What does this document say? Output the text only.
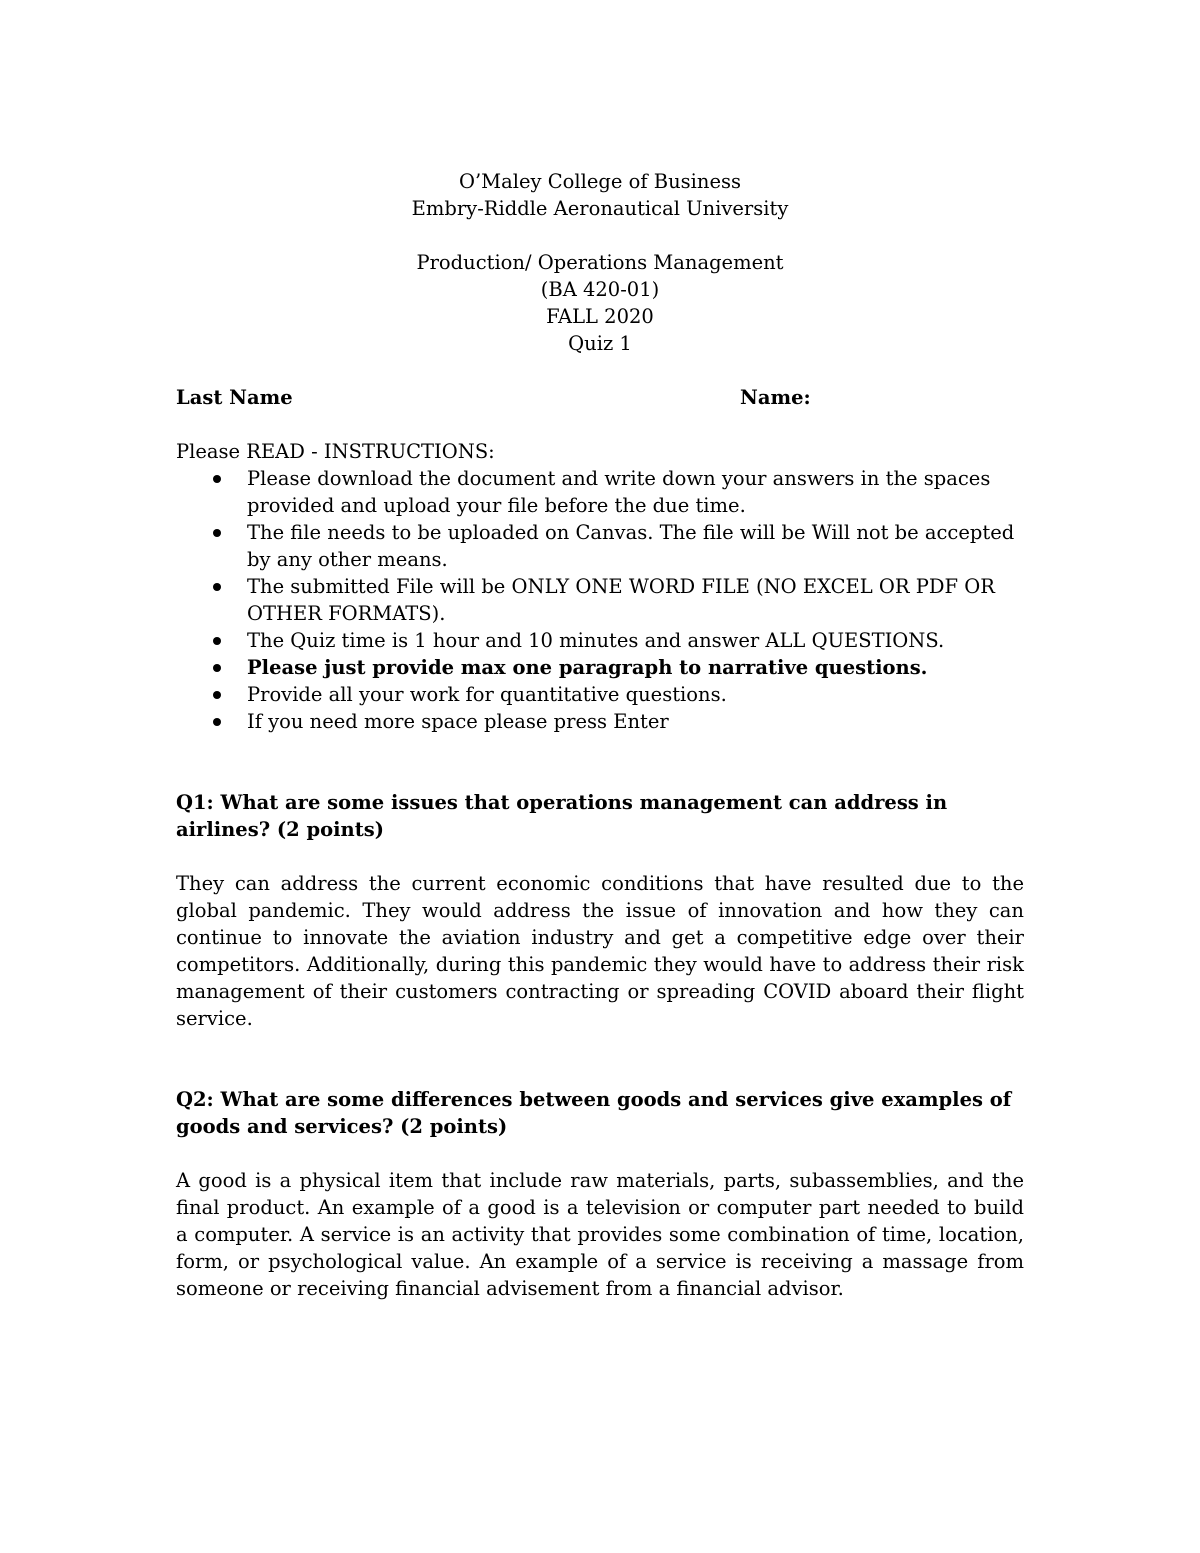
O’Maley College of Business
Embry-Riddle Aeronautical University
Production/ Operations Management
(BA 420-01)
FALL 2020
Quiz 1
Last Name	Name:
Please READ - INSTRUCTIONS:
Please download the document and write down your answers in the spaces provided and upload your file before the due time.
The file needs to be uploaded on Canvas. The file will be Will not be accepted by any other means.
The submitted File will be ONLY ONE WORD FILE (NO EXCEL OR PDF OR OTHER FORMATS).
The Quiz time is 1 hour and 10 minutes and answer ALL QUESTIONS.
Please just provide max one paragraph to narrative questions.
Provide all your work for quantitative questions.
If you need more space please press Enter
Q1: What are some issues that operations management can address in airlines? (2 points)
They can address the current economic conditions that have resulted due to the global pandemic. They would address the issue of innovation and how they can continue to innovate the aviation industry and get a competitive edge over their competitors. Additionally, during this pandemic they would have to address their risk management of their customers contracting or spreading COVID aboard their flight service.
Q2: What are some differences between goods and services give examples of goods and services? (2 points)
A good is a physical item that include raw materials, parts, subassemblies, and the final product. An example of a good is a television or computer part needed to build a computer. A service is an activity that provides some combination of time, location, form, or psychological value. An example of a service is receiving a massage from someone or receiving financial advisement from a financial advisor.
